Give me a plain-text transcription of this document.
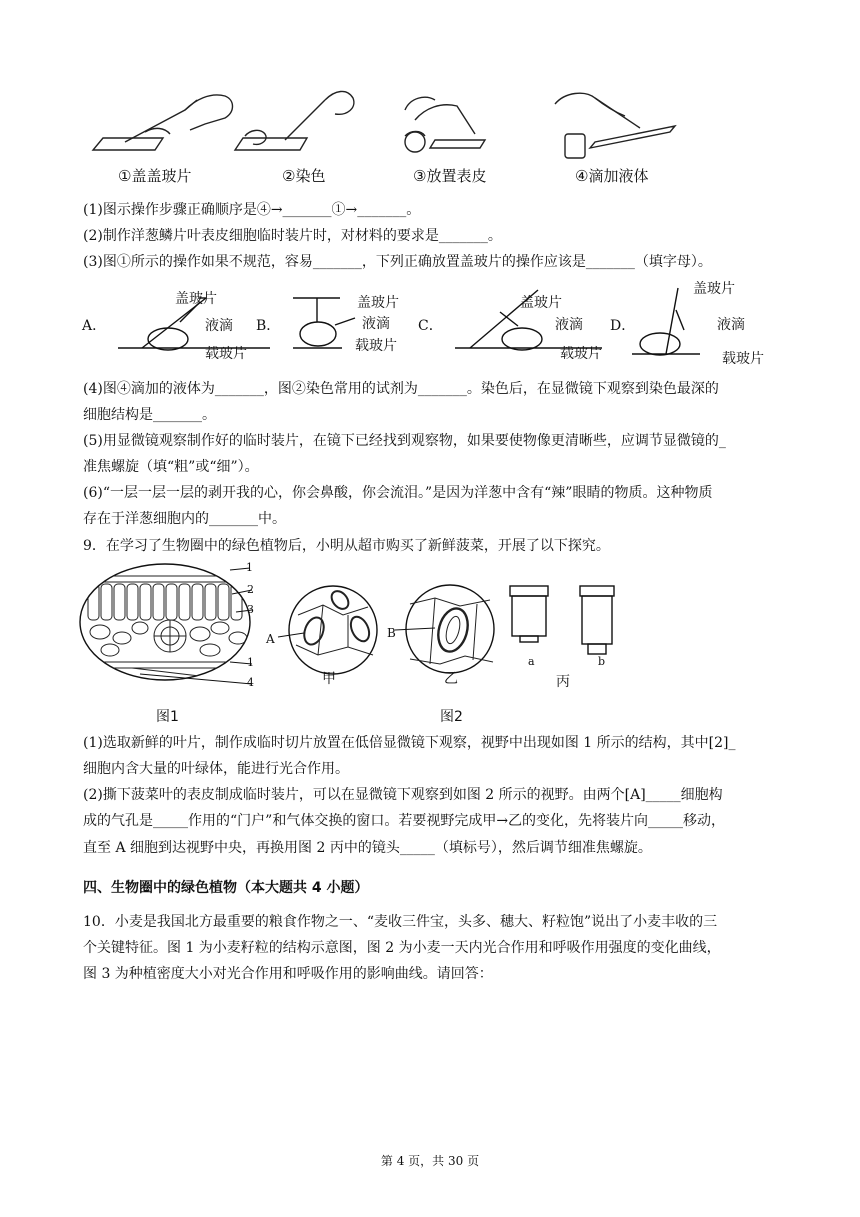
①盖盖玻片	②染色	③放置表皮	④滴加液体
(1)图示操作步骤正确顺序是④→_______①→_______。
(2)制作洋葱鳞片叶表皮细胞临时装片时，对材料的要求是_______。
(3)图①所示的操作如果不规范，容易_______，下列正确放置盖玻片的操作应该是_______（填字母）。
A．
盖玻片
液滴
载玻片
B．
盖玻片
液滴
载玻片
C．
盖玻片
液滴
载玻片
D．
盖玻片
液滴
载玻片
(4)图④滴加的液体为_______，图②染色常用的试剂为_______。染色后，在显微镜下观察到染色最深的
细胞结构是_______。
(5)用显微镜观察制作好的临时装片，在镜下已经找到观察物，如果要使物像更清晰些，应调节显微镜的_
准焦螺旋（填“粗”或“细”）。
(6)“一层一层一层的剥开我的心，你会鼻酸，你会流泪。”是因为洋葱中含有“辣”眼睛的物质。这种物质
存在于洋葱细胞内的_______中。
9．在学习了生物圈中的绿色植物后，小明从超市购买了新鲜菠菜，开展了以下探究。
1
2
3
1
4
图1
A
甲
B
乙
a	b
丙
图2
(1)选取新鲜的叶片，制作成临时切片放置在低倍显微镜下观察，视野中出现如图 1 所示的结构，其中[2]_
细胞内含大量的叶绿体，能进行光合作用。
(2)撕下菠菜叶的表皮制成临时装片，可以在显微镜下观察到如图 2 所示的视野。由两个[A]_____细胞构
成的气孔是_____作用的“门户”和气体交换的窗口。若要视野完成甲→乙的变化，先将装片向_____移动，
直至 A 细胞到达视野中央，再换用图 2 丙中的镜头_____（填标号），然后调节细准焦螺旋。
四、生物圈中的绿色植物（本大题共 4 小题）
10．小麦是我国北方最重要的粮食作物之一、“麦收三件宝，头多、穗大、籽粒饱”说出了小麦丰收的三
个关键特征。图 1 为小麦籽粒的结构示意图，图 2 为小麦一天内光合作用和呼吸作用强度的变化曲线，
图 3 为种植密度大小对光合作用和呼吸作用的影响曲线。请回答：
第 4 页，共 30 页
